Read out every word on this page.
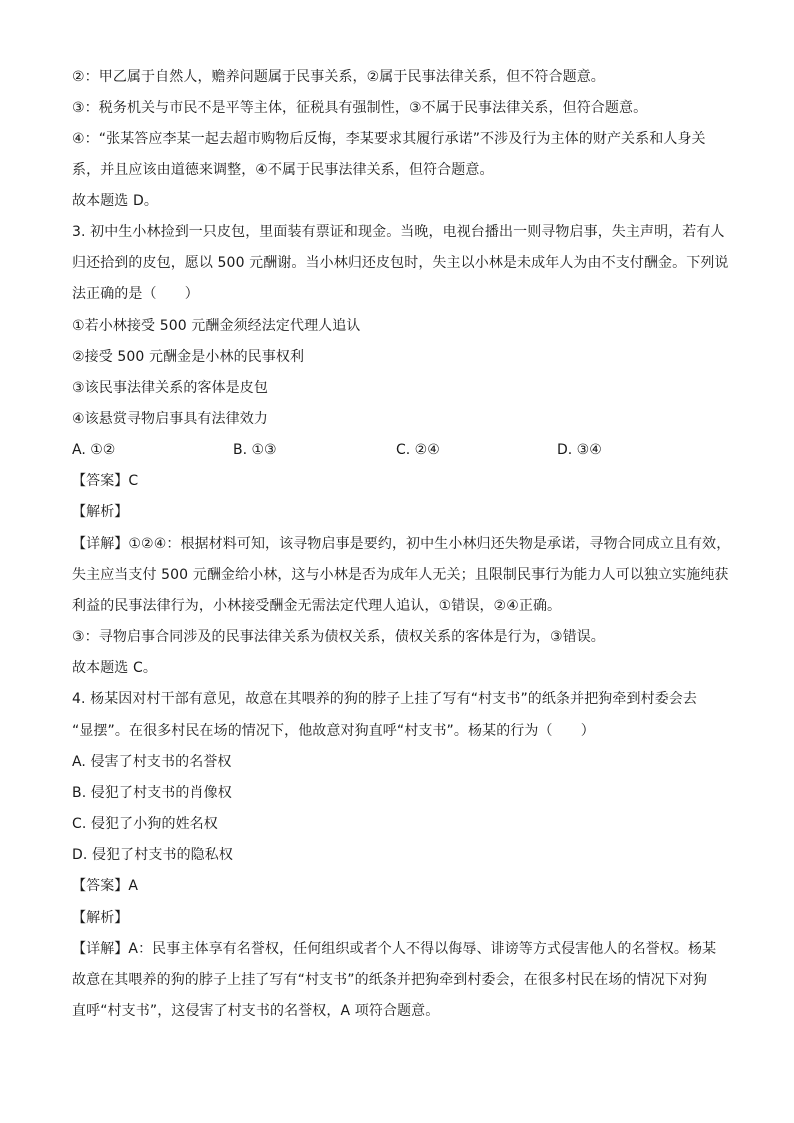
②：甲乙属于自然人，赡养问题属于民事关系，②属于民事法律关系，但不符合题意。
③：税务机关与市民不是平等主体，征税具有强制性，③不属于民事法律关系，但符合题意。
④：“张某答应李某一起去超市购物后反悔，李某要求其履行承诺”不涉及行为主体的财产关系和人身关
系，并且应该由道德来调整，④不属于民事法律关系，但符合题意。
故本题选 D。
3. 初中生小林捡到一只皮包，里面装有票证和现金。当晚，电视台播出一则寻物启事，失主声明，若有人
归还拾到的皮包，愿以 500 元酬谢。当小林归还皮包时，失主以小林是未成年人为由不支付酬金。下列说
法正确的是（　　）
①若小林接受 500 元酬金须经法定代理人追认
②接受 500 元酬金是小林的民事权利
③该民事法律关系的客体是皮包
④该悬赏寻物启事具有法律效力
A. ①②	B. ①③	C. ②④	D. ③④
【答案】C
【解析】
【详解】①②④：根据材料可知，该寻物启事是要约，初中生小林归还失物是承诺，寻物合同成立且有效，
失主应当支付 500 元酬金给小林，这与小林是否为成年人无关；且限制民事行为能力人可以独立实施纯获
利益的民事法律行为，小林接受酬金无需法定代理人追认，①错误，②④正确。
③：寻物启事合同涉及的民事法律关系为债权关系，债权关系的客体是行为，③错误。
故本题选 C。
4. 杨某因对村干部有意见，故意在其喂养的狗的脖子上挂了写有“村支书”的纸条并把狗牵到村委会去
“显摆”。在很多村民在场的情况下，他故意对狗直呼“村支书”。杨某的行为（　　）
A. 侵害了村支书的名誉权
B. 侵犯了村支书的肖像权
C. 侵犯了小狗的姓名权
D. 侵犯了村支书的隐私权
【答案】A
【解析】
【详解】A：民事主体享有名誉权，任何组织或者个人不得以侮辱、诽谤等方式侵害他人的名誉权。杨某
故意在其喂养的狗的脖子上挂了写有“村支书”的纸条并把狗牵到村委会，在很多村民在场的情况下对狗
直呼“村支书”，这侵害了村支书的名誉权，A 项符合题意。
